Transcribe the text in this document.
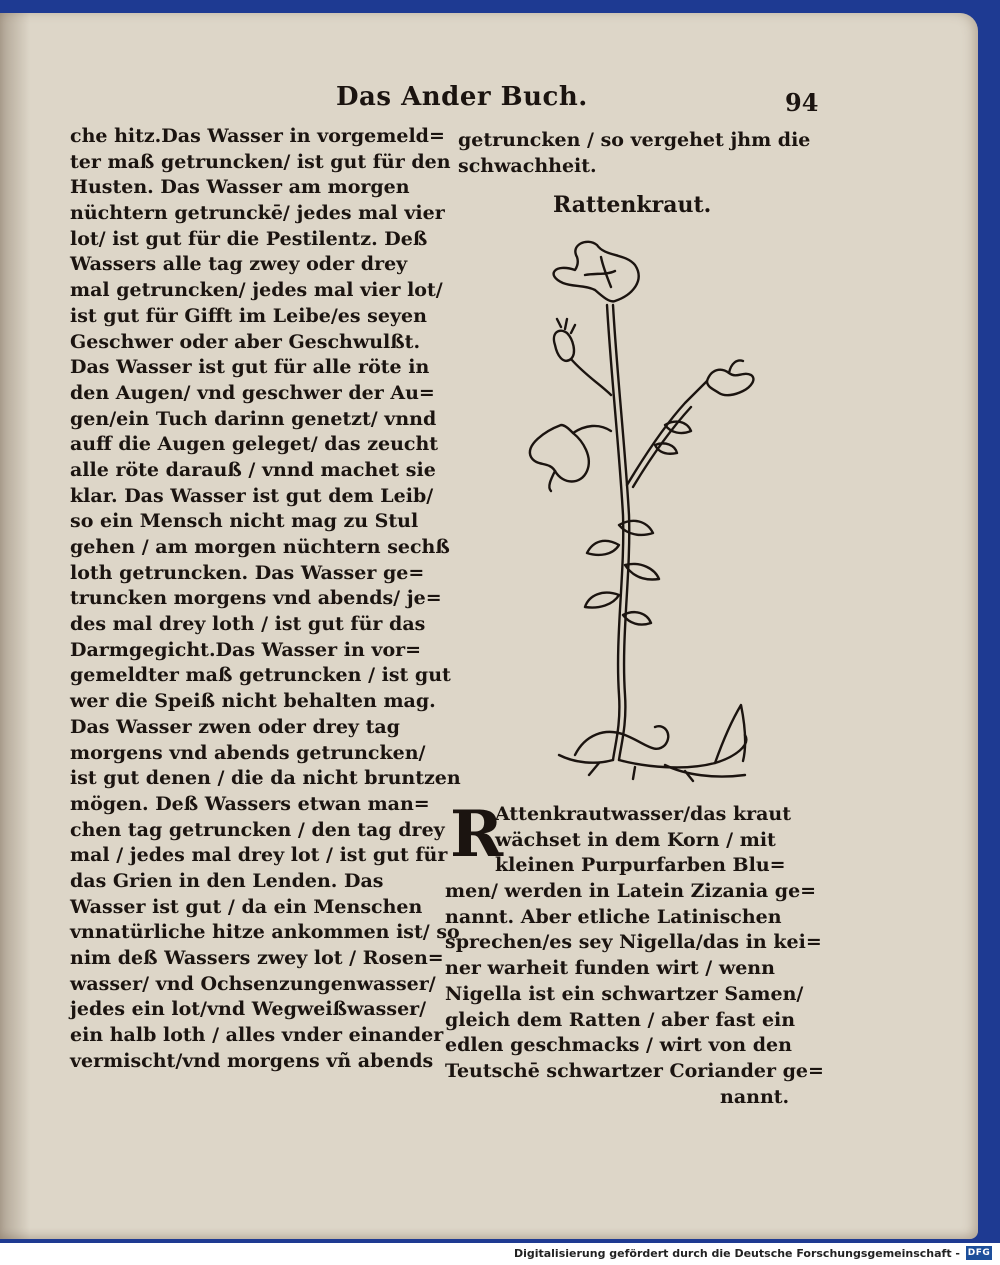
Das Ander Buch.	94
che hitz.Das Wasser in vorgemeld=
ter maß getruncken/ ist gut für den
Husten. Das Wasser am morgen
nüchtern getrunckē/ jedes mal vier
lot/ ist gut für die Pestilentz. Deß
Wassers alle tag zwey oder drey
mal getruncken/ jedes mal vier lot/
ist gut für Gifft im Leibe/es seyen
Geschwer oder aber Geschwulßt.
Das Wasser ist gut für alle röte in
den Augen/ vnd geschwer der Au=
gen/ein Tuch darinn genetzt/ vnnd
auff die Augen geleget/ das zeucht
alle röte darauß / vnnd machet sie
klar. Das Wasser ist gut dem Leib/
so ein Mensch nicht mag zu Stul
gehen / am morgen nüchtern sechß
loth getruncken. Das Wasser ge=
truncken morgens vnd abends/ je=
des mal drey loth / ist gut für das
Darmgegicht.Das Wasser in vor=
gemeldter maß getruncken / ist gut
wer die Speiß nicht behalten mag.
Das Wasser zwen oder drey tag
morgens vnd abends getruncken/
ist gut denen / die da nicht bruntzen
mögen. Deß Wassers etwan man=
chen tag getruncken / den tag drey
mal / jedes mal drey lot / ist gut für
das Grien in den Lenden. Das
Wasser ist gut / da ein Menschen
vnnatürliche hitze ankommen ist/ so
nim deß Wassers zwey lot / Rosen=
wasser/ vnd Ochsenzungenwasser/
jedes ein lot/vnd Wegweißwasser/
ein halb loth / alles vnder einander
vermischt/vnd morgens vñ abends
getruncken / so vergehet jhm die
schwachheit.
Rattenkraut.
R
Attenkrautwasser/das kraut
wächset in dem Korn / mit
kleinen Purpurfarben Blu=
men/ werden in Latein Zizania ge=
nannt. Aber etliche Latinischen
sprechen/es sey Nigella/das in kei=
ner warheit funden wirt / wenn
Nigella ist ein schwartzer Samen/
gleich dem Ratten / aber fast ein
edlen geschmacks / wirt von den
Teutschē schwartzer Coriander ge=
nannt.
Digitalisierung gefördert durch die Deutsche Forschungsgemeinschaft - DFG
